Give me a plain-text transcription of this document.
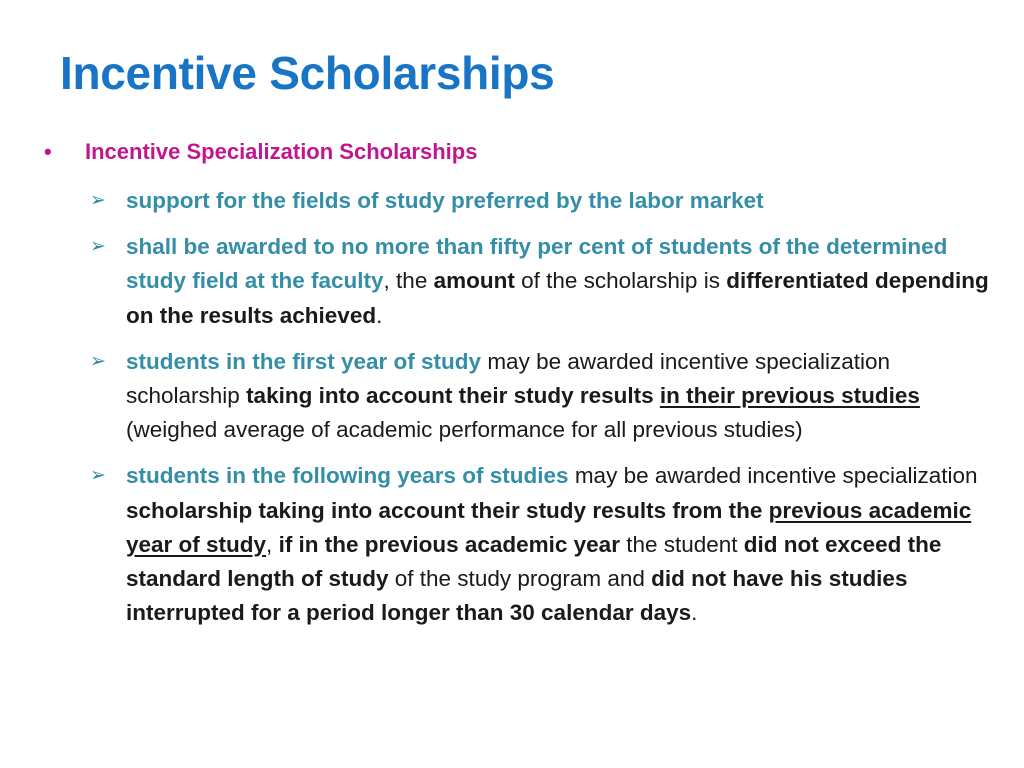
Incentive Scholarships
• Incentive Specialization Scholarships
➢ support for the fields of study preferred by the labor market
➢ shall be awarded to no more than fifty per cent of students of the determined study field at the faculty, the amount of the scholarship is differentiated depending on the results achieved.
➢ students in the first year of study may be awarded incentive specialization scholarship taking into account their study results in their previous studies (weighed average of academic performance for all previous studies)
➢ students in the following years of studies may be awarded incentive specialization scholarship taking into account their study results from the previous academic year of study, if in the previous academic year the student did not exceed the standard length of study of the study program and did not have his studies interrupted for a period longer than 30 calendar days.
